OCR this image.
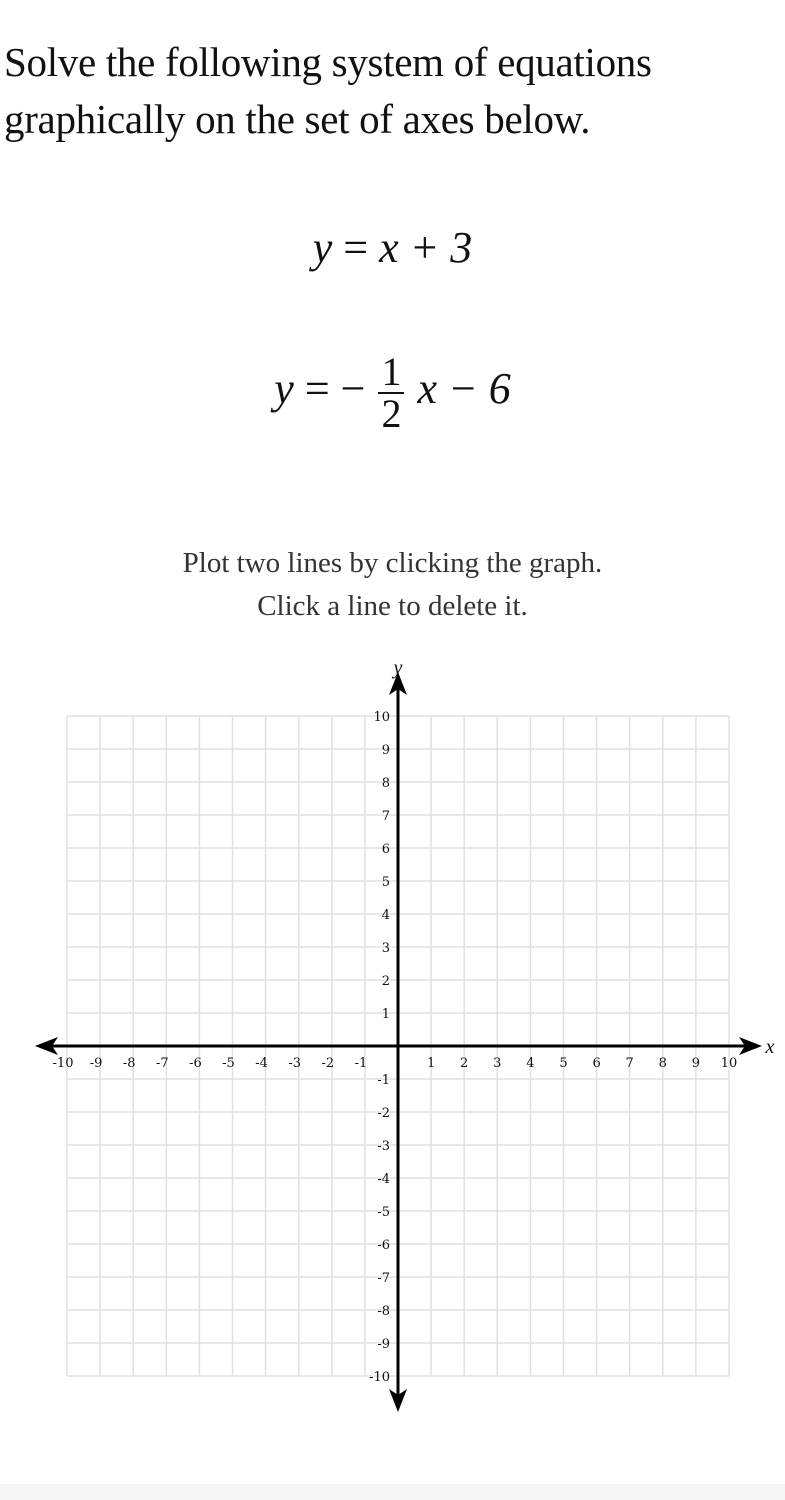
Solve the following system of equations graphically on the set of axes below.
y = x + 3
y = − $\frac{1}{2}$ x − 6
Plot two lines by clicking the graph.
Click a line to delete it.
x
y
-10 -9 -8 -7 -6 -5 -4 -3 -2 -1	1 2 3 4 5 6 7 8 9 10
10
9
8
7
6
5
4
3
2
1
-1
-2
-3
-4
-5
-6
-7
-8
-9
-10
